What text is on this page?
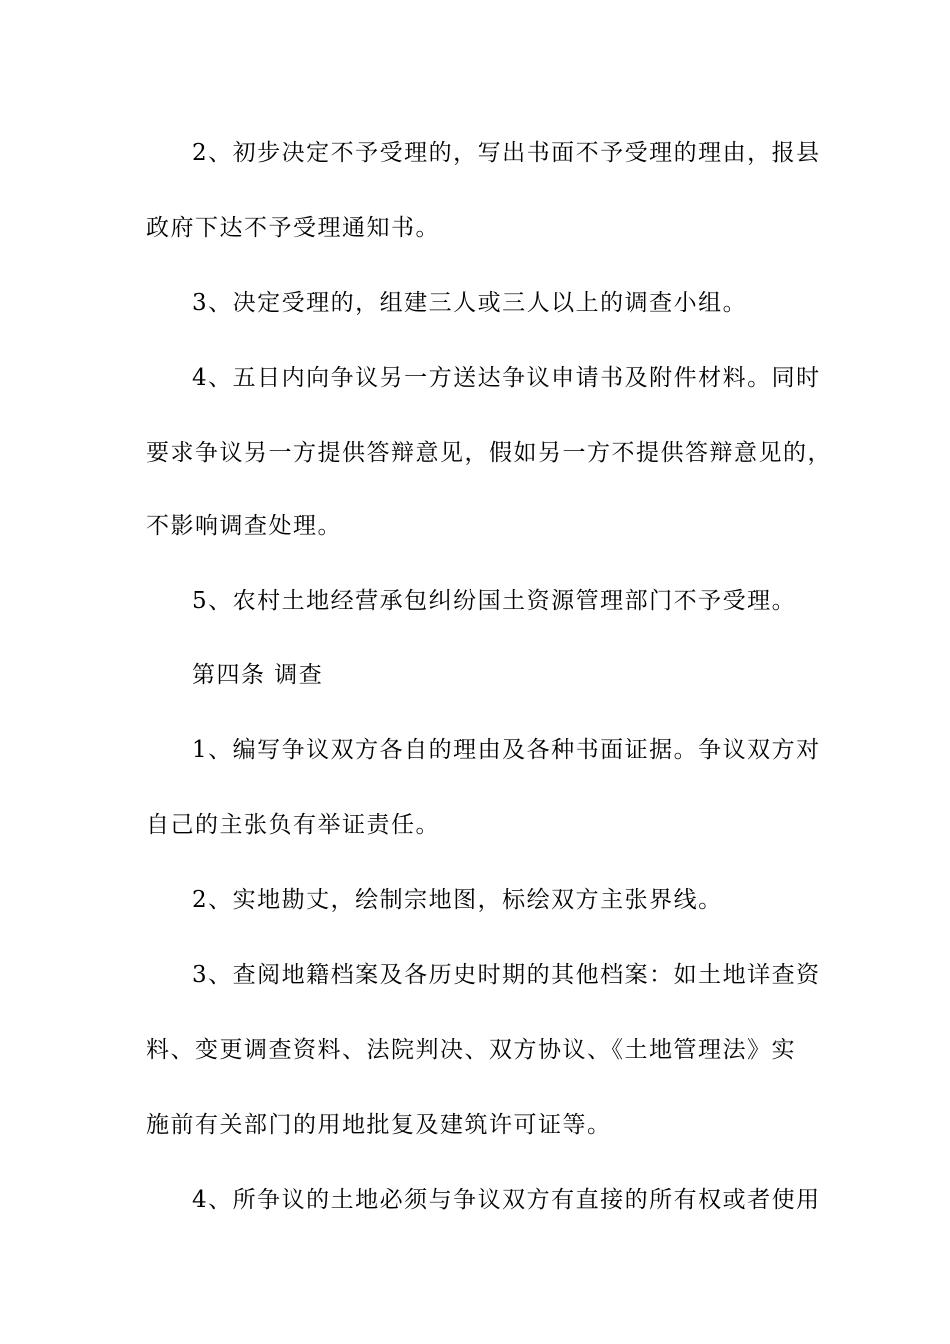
2、初步决定不予受理的，写出书面不予受理的理由，报县
政府下达不予受理通知书。
3、决定受理的，组建三人或三人以上的调查小组。
4、五日内向争议另一方送达争议申请书及附件材料。同时
要求争议另一方提供答辩意见，假如另一方不提供答辩意见的，
不影响调查处理。
5、农村土地经营承包纠纷国土资源管理部门不予受理。
第四条 调查
1、编写争议双方各自的理由及各种书面证据。争议双方对
自己的主张负有举证责任。
2、实地勘丈，绘制宗地图，标绘双方主张界线。
3、查阅地籍档案及各历史时期的其他档案：如土地详查资
料、变更调查资料、法院判决、双方协议、《土地管理法》实
施前有关部门的用地批复及建筑许可证等。
4、所争议的土地必须与争议双方有直接的所有权或者使用
